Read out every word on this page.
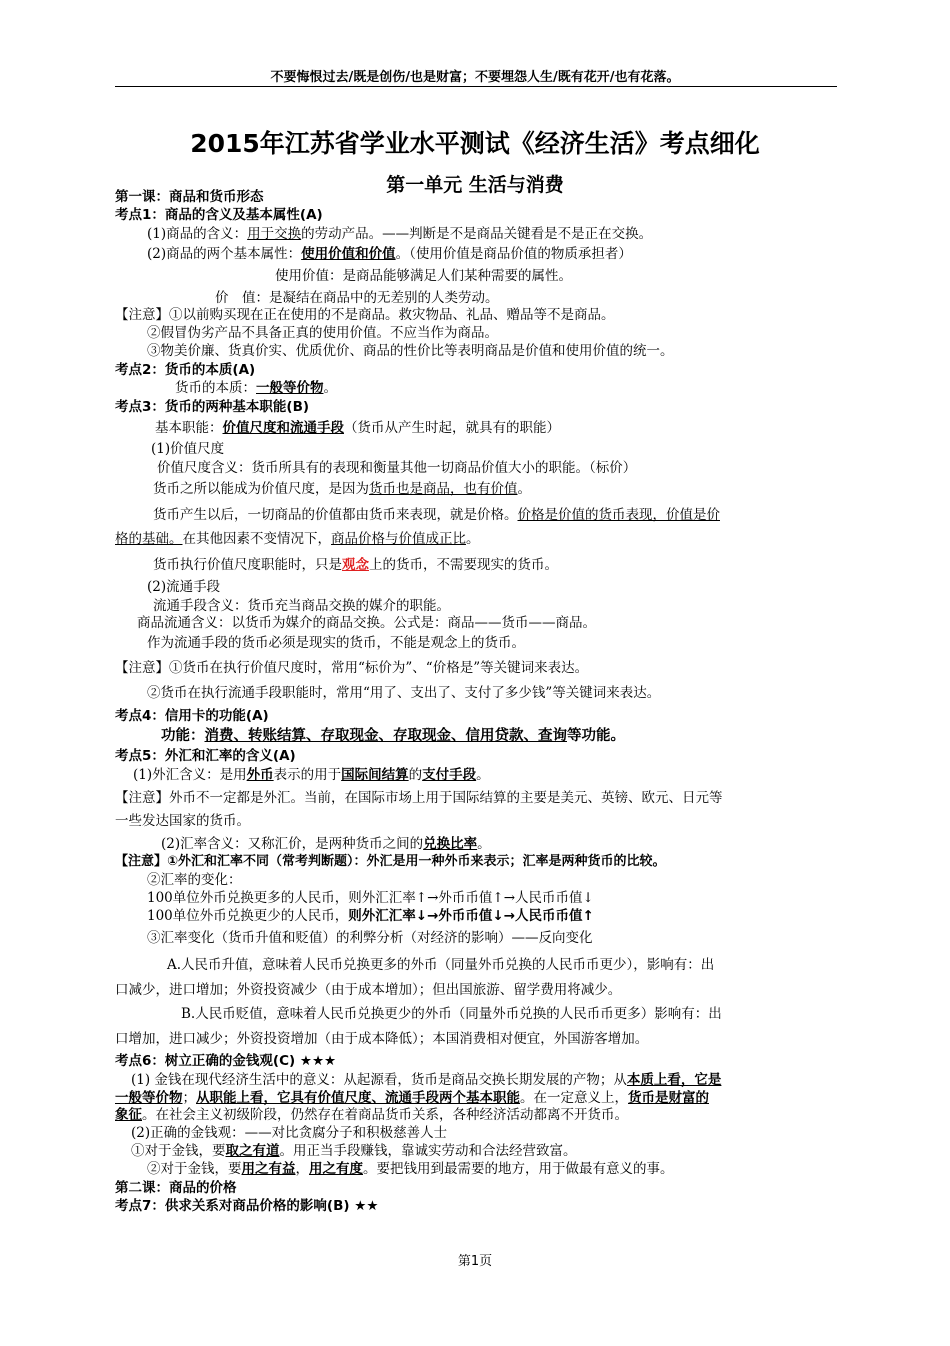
不要悔恨过去/既是创伤/也是财富；不要埋怨人生/既有花开/也有花落。
2015年江苏省学业水平测试《经济生活》考点细化
第一单元 生活与消费
第一课：商品和货币形态
考点1：商品的含义及基本属性(A)
(1)商品的含义：用于交换的劳动产品。——判断是不是商品关键看是不是正在交换。
(2)商品的两个基本属性：使用价值和价值。（使用价值是商品价值的物质承担者）
使用价值：是商品能够满足人们某种需要的属性。
价　值：是凝结在商品中的无差别的人类劳动。
【注意】①以前购买现在正在使用的不是商品。救灾物品、礼品、赠品等不是商品。
②假冒伪劣产品不具备正真的使用价值。不应当作为商品。
③物美价廉、货真价实、优质优价、商品的性价比等表明商品是价值和使用价值的统一。
考点2：货币的本质(A)
货币的本质：一般等价物。
考点3：货币的两种基本职能(B)
基本职能：价值尺度和流通手段（货币从产生时起，就具有的职能）
(1)价值尺度
价值尺度含义：货币所具有的表现和衡量其他一切商品价值大小的职能。（标价）
货币之所以能成为价值尺度，是因为货币也是商品，也有价值。
货币产生以后，一切商品的价值都由货币来表现，就是价格。价格是价值的货币表现，价值是价
格的基础。在其他因素不变情况下，商品价格与价值成正比。
货币执行价值尺度职能时，只是观念上的货币，不需要现实的货币。
(2)流通手段
流通手段含义：货币充当商品交换的媒介的职能。
商品流通含义：以货币为媒介的商品交换。公式是：商品——货币——商品。
作为流通手段的货币必须是现实的货币，不能是观念上的货币。
【注意】①货币在执行价值尺度时，常用“标价为”、“价格是”等关键词来表达。
②货币在执行流通手段职能时，常用“用了、支出了、支付了多少钱”等关键词来表达。
考点4：信用卡的功能(A)
功能：消费、转账结算、存取现金、存取现金、信用贷款、查询等功能。
考点5：外汇和汇率的含义(A)
(1)外汇含义：是用外币表示的用于国际间结算的支付手段。
【注意】外币不一定都是外汇。当前，在国际市场上用于国际结算的主要是美元、英镑、欧元、日元等
一些发达国家的货币。
(2)汇率含义：又称汇价，是两种货币之间的兑换比率。
【注意】①外汇和汇率不同（常考判断题）：外汇是用一种外币来表示；汇率是两种货币的比较。
②汇率的变化：
100单位外币兑换更多的人民币，则外汇汇率↑→外币币值↑→人民币币值↓
100单位外币兑换更少的人民币，则外汇汇率↓→外币币值↓→人民币币值↑
③汇率变化（货币升值和贬值）的利弊分析（对经济的影响）——反向变化
A.人民币升值，意味着人民币兑换更多的外币（同量外币兑换的人民币币更少），影响有：出
口减少，进口增加；外资投资减少（由于成本增加）；但出国旅游、留学费用将减少。
B.人民币贬值，意味着人民币兑换更少的外币（同量外币兑换的人民币币更多）影响有：出
口增加，进口减少；外资投资增加（由于成本降低）；本国消费相对便宜，外国游客增加。
考点6：树立正确的金钱观(C) ★★★
(1) 金钱在现代经济生活中的意义：从起源看，货币是商品交换长期发展的产物；从本质上看，它是
一般等价物；从职能上看，它具有价值尺度、流通手段两个基本职能。在一定意义上，货币是财富的
象征。在社会主义初级阶段，仍然存在着商品货币关系，各种经济活动都离不开货币。
(2)正确的金钱观：——对比贪腐分子和积极慈善人士
①对于金钱，要取之有道。用正当手段赚钱，靠诚实劳动和合法经营致富。
②对于金钱，要用之有益，用之有度。要把钱用到最需要的地方，用于做最有意义的事。
第二课：商品的价格
考点7：供求关系对商品价格的影响(B) ★★
第1页
